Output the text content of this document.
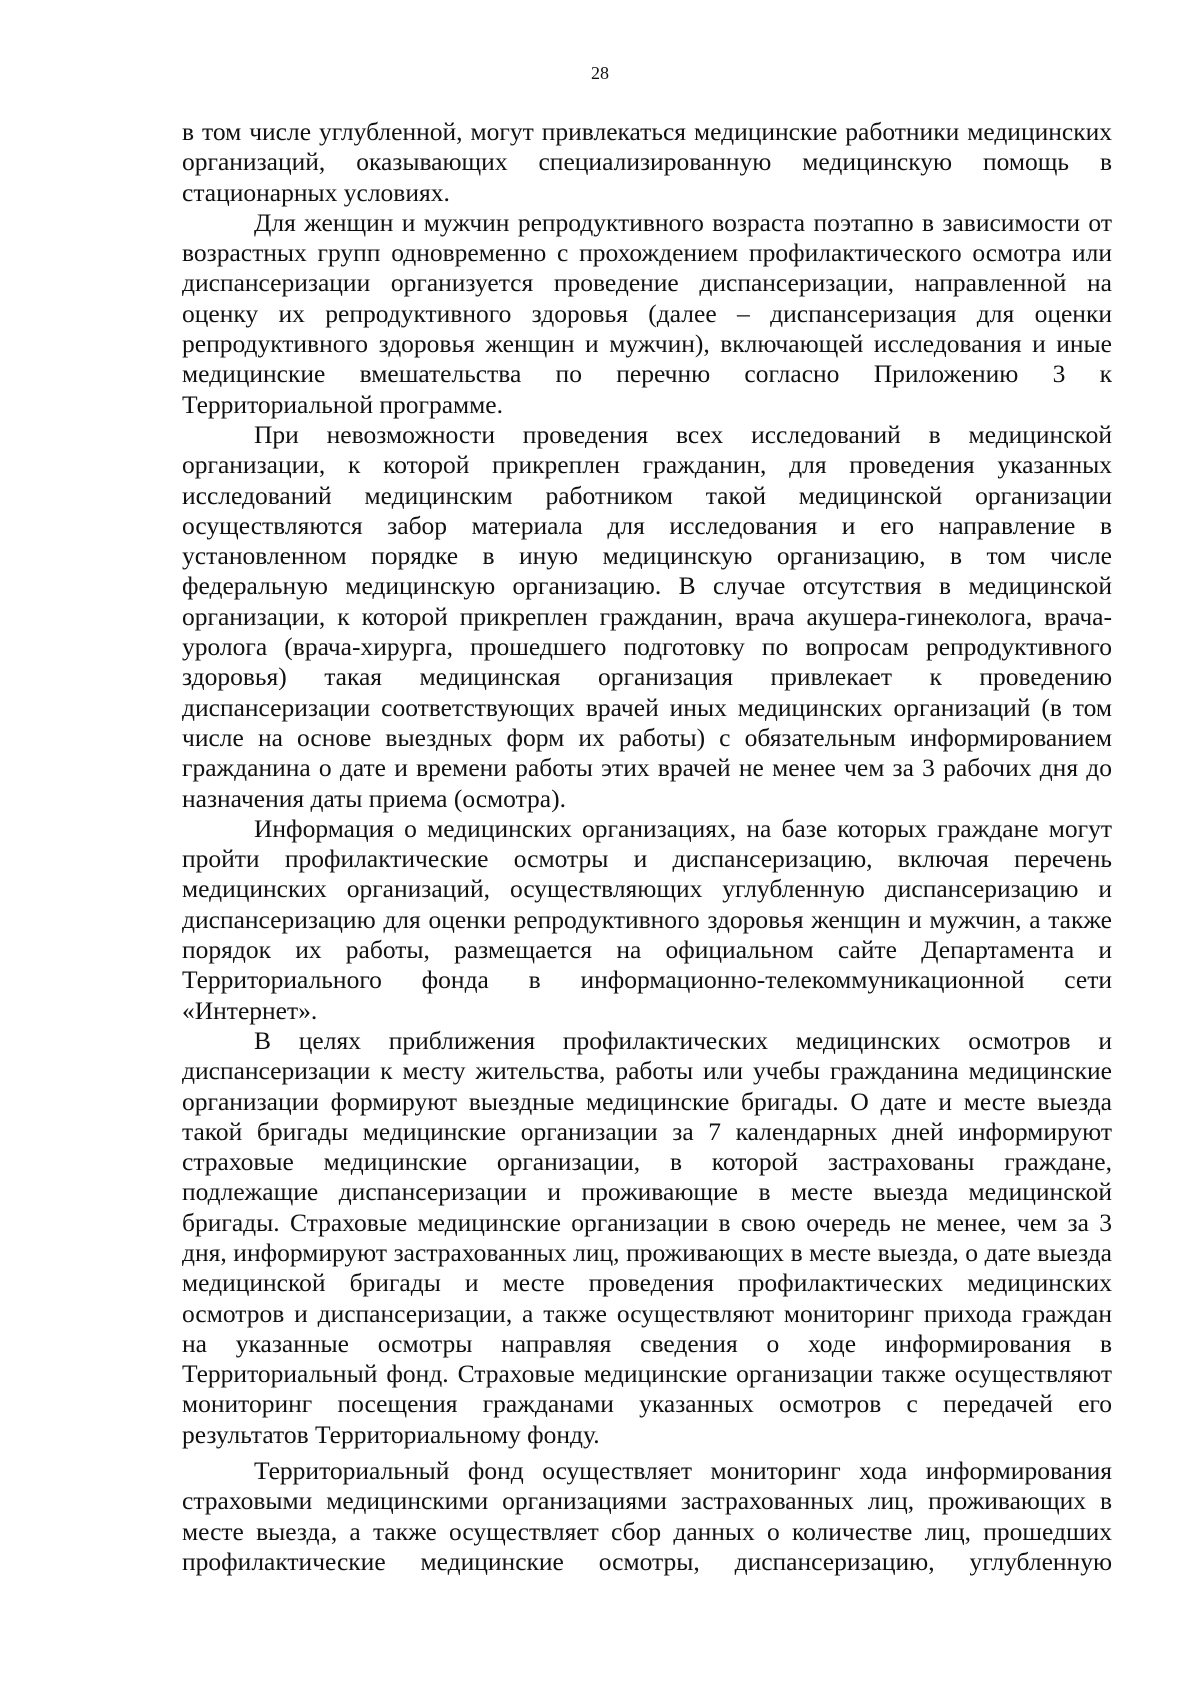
28

в том числе углубленной, могут привлекаться медицинские работники медицинских организаций, оказывающих специализированную медицинскую помощь в стационарных условиях.

Для женщин и мужчин репродуктивного возраста поэтапно в зависимости от возрастных групп одновременно с прохождением профилактического осмотра или диспансеризации организуется проведение диспансеризации, направленной на оценку их репродуктивного здоровья (далее – диспансеризация для оценки репродуктивного здоровья женщин и мужчин), включающей исследования и иные медицинские вмешательства по перечню согласно Приложению 3 к Территориальной программе.

При невозможности проведения всех исследований в медицинской организации, к которой прикреплен гражданин, для проведения указанных исследований медицинским работником такой медицинской организации осуществляются забор материала для исследования и его направление в установленном порядке в иную медицинскую организацию, в том числе федеральную медицинскую организацию. В случае отсутствия в медицинской организации, к которой прикреплен гражданин, врача акушера-гинеколога, врача-уролога (врача-хирурга, прошедшего подготовку по вопросам репродуктивного здоровья) такая медицинская организация привлекает к проведению диспансеризации соответствующих врачей иных медицинских организаций (в том числе на основе выездных форм их работы) с обязательным информированием гражданина о дате и времени работы этих врачей не менее чем за 3 рабочих дня до назначения даты приема (осмотра).

Информация о медицинских организациях, на базе которых граждане могут пройти профилактические осмотры и диспансеризацию, включая перечень медицинских организаций, осуществляющих углубленную диспансеризацию и диспансеризацию для оценки репродуктивного здоровья женщин и мужчин, а также порядок их работы, размещается на официальном сайте Департамента и Территориального фонда в информационно-телекоммуникационной сети «Интернет».

В целях приближения профилактических медицинских осмотров и диспансеризации к месту жительства, работы или учебы гражданина медицинские организации формируют выездные медицинские бригады. О дате и месте выезда такой бригады медицинские организации за 7 календарных дней информируют страховые медицинские организации, в которой застрахованы граждане, подлежащие диспансеризации и проживающие в месте выезда медицинской бригады. Страховые медицинские организации в свою очередь не менее, чем за 3 дня, информируют застрахованных лиц, проживающих в месте выезда, о дате выезда медицинской бригады и месте проведения профилактических медицинских осмотров и диспансеризации, а также осуществляют мониторинг прихода граждан на указанные осмотры направляя сведения о ходе информирования в Территориальный фонд. Страховые медицинские организации также осуществляют мониторинг посещения гражданами указанных осмотров с передачей его результатов Территориальному фонду.

Территориальный фонд осуществляет мониторинг хода информирования страховыми медицинскими организациями застрахованных лиц, проживающих в месте выезда, а также осуществляет сбор данных о количестве лиц, прошедших профилактические медицинские осмотры, диспансеризацию, углубленную
